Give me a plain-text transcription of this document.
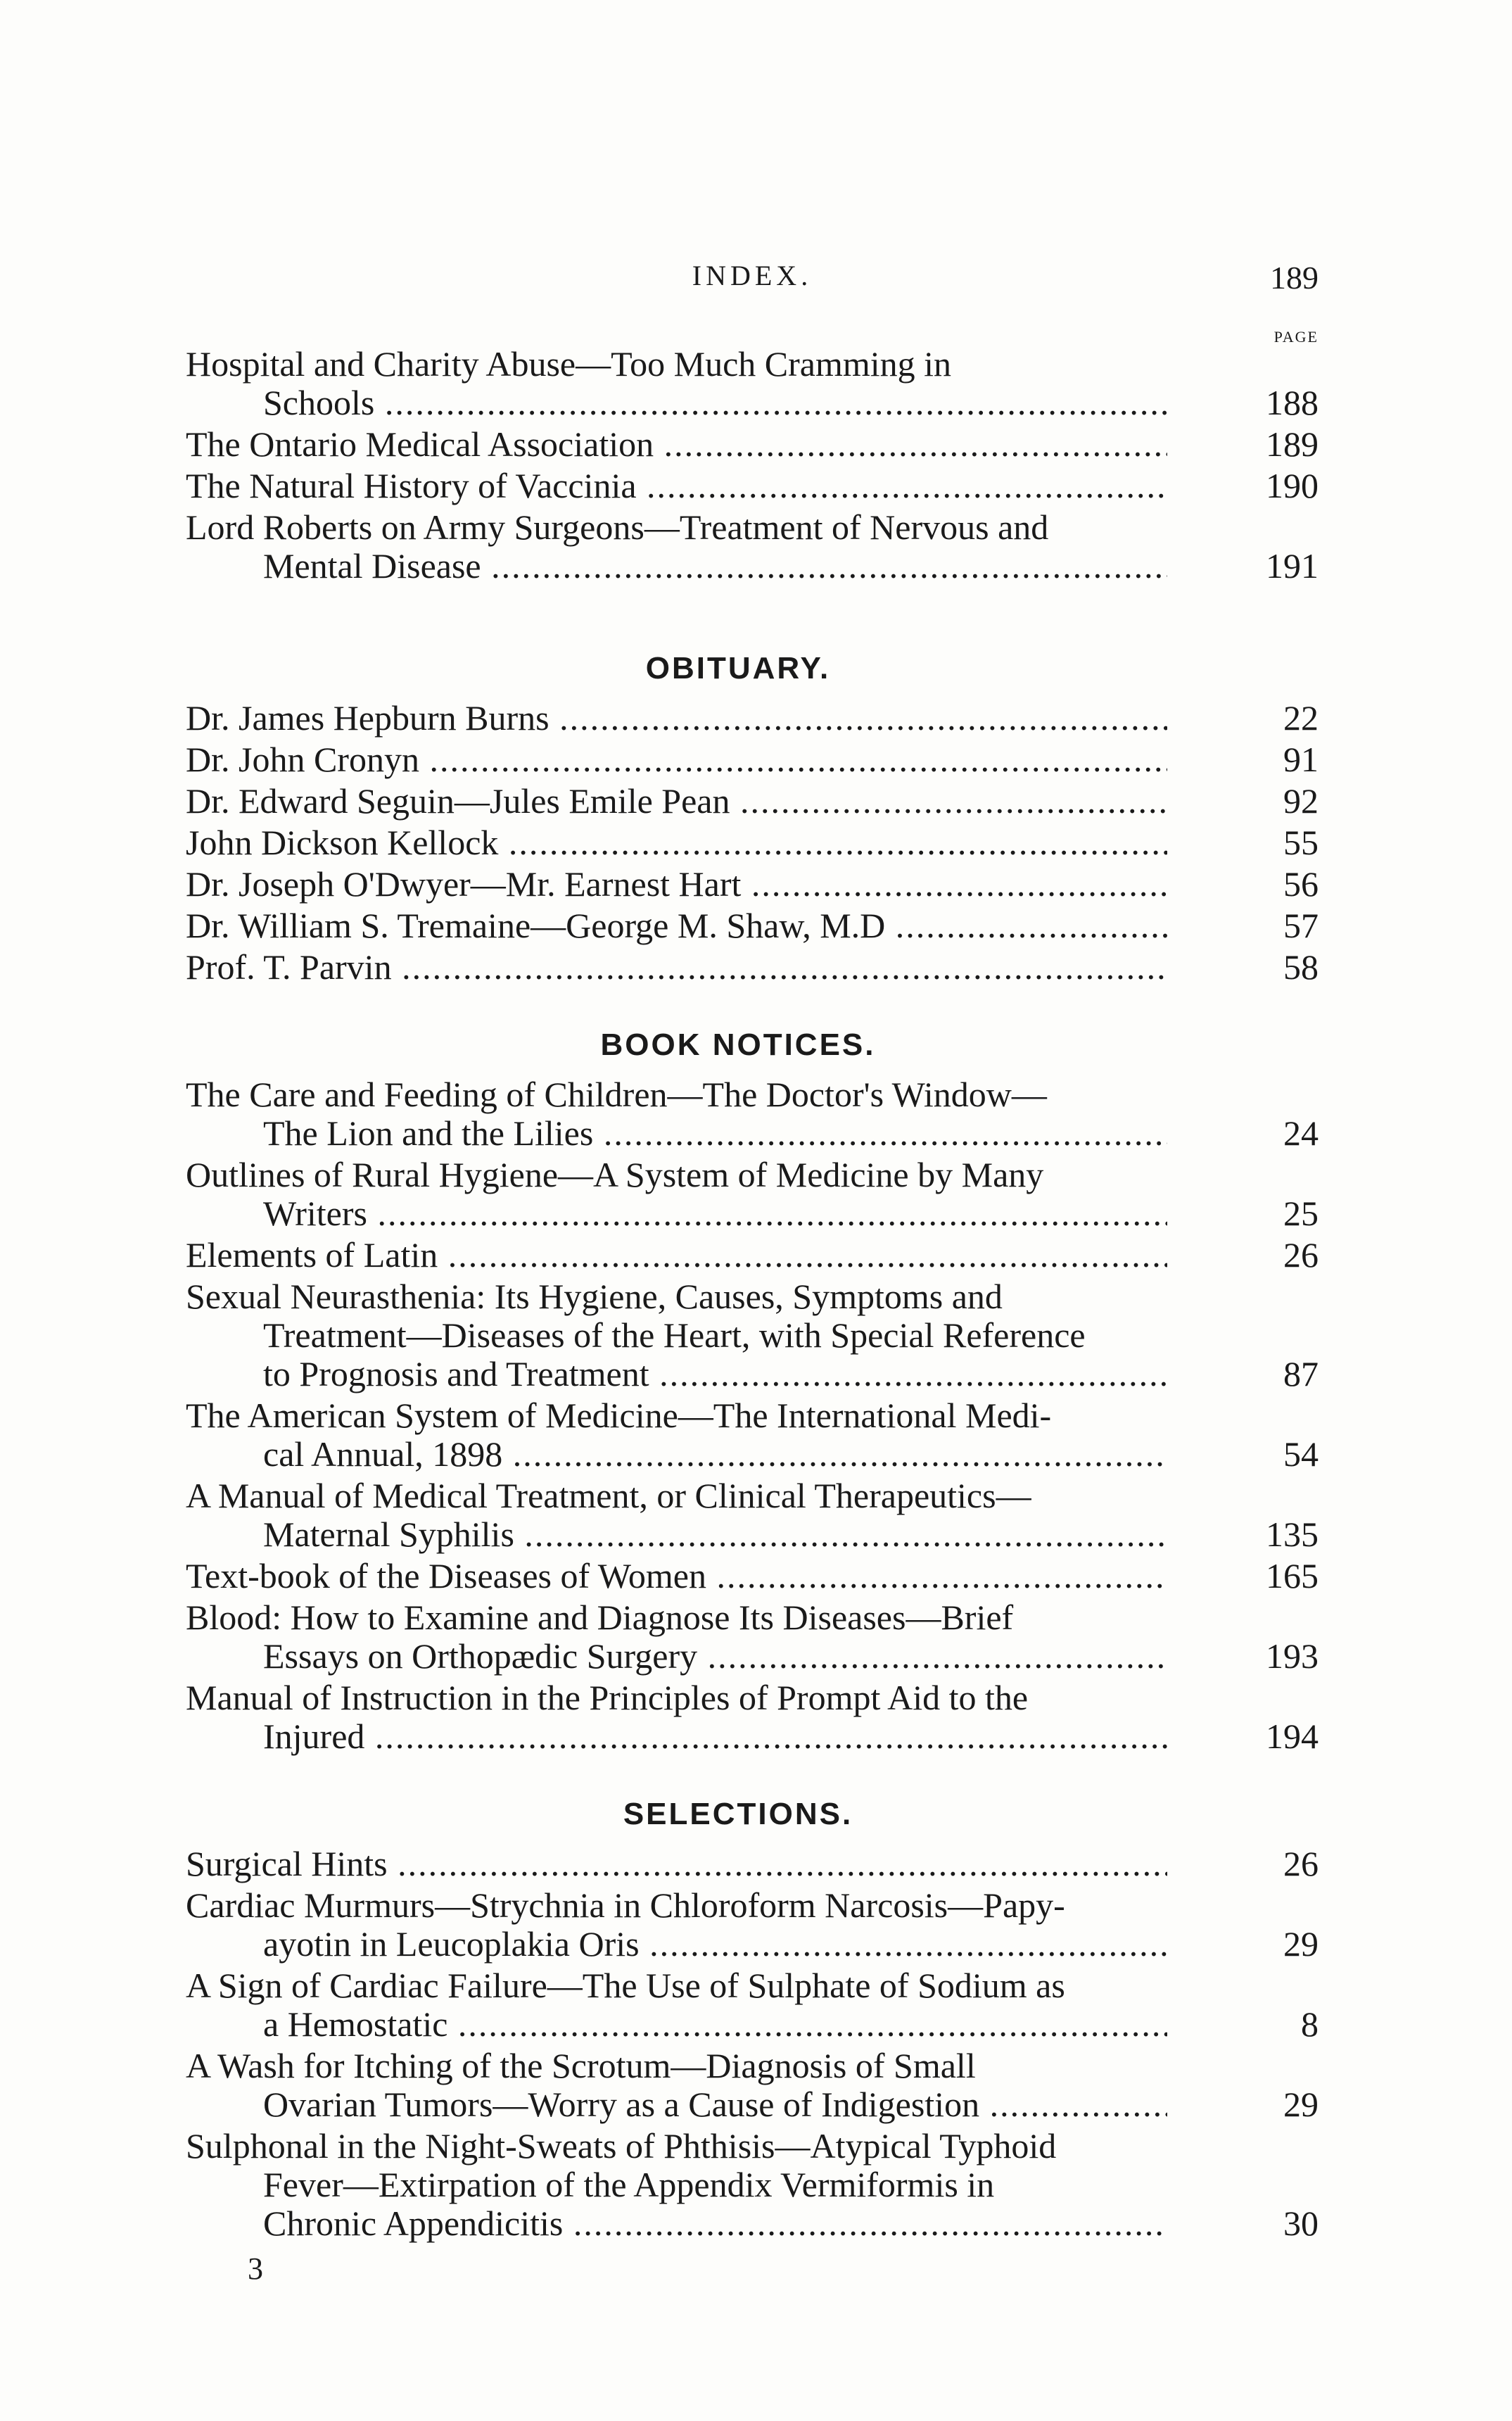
INDEX.	189
PAGE
Hospital and Charity Abuse—Too Much Cramming in
Schools .....	188
The Ontario Medical Association .....	189
The Natural History of Vaccinia .....	190
Lord Roberts on Army Surgeons—Treatment of Nervous and
Mental Disease .....	191
OBITUARY.
Dr. James Hepburn Burns .....	22
Dr. John Cronyn .....	91
Dr. Edward Seguin—Jules Emile Pean .....	92
John Dickson Kellock .....	55
Dr. Joseph O'Dwyer—Mr. Earnest Hart .....	56
Dr. William S. Tremaine—George M. Shaw, M.D .....	57
Prof. T. Parvin .....	58
BOOK NOTICES.
The Care and Feeding of Children—The Doctor's Window—
The Lion and the Lilies .....	24
Outlines of Rural Hygiene—A System of Medicine by Many
Writers .....	25
Elements of Latin .....	26
Sexual Neurasthenia: Its Hygiene, Causes, Symptoms and
Treatment—Diseases of the Heart, with Special Reference
to Prognosis and Treatment .....	87
The American System of Medicine—The International Medi-
cal Annual, 1898 .....	54
A Manual of Medical Treatment, or Clinical Therapeutics—
Maternal Syphilis .....	135
Text-book of the Diseases of Women .....	165
Blood: How to Examine and Diagnose Its Diseases—Brief
Essays on Orthopædic Surgery .....	193
Manual of Instruction in the Principles of Prompt Aid to the
Injured .....	194
SELECTIONS.
Surgical Hints .....	26
Cardiac Murmurs—Strychnia in Chloroform Narcosis—Papy-
ayotin in Leucoplakia Oris .....	29
A Sign of Cardiac Failure—The Use of Sulphate of Sodium as
a Hemostatic .....	8
A Wash for Itching of the Scrotum—Diagnosis of Small
Ovarian Tumors—Worry as a Cause of Indigestion .....	29
Sulphonal in the Night-Sweats of Phthisis—Atypical Typhoid
Fever—Extirpation of the Appendix Vermiformis in
Chronic Appendicitis .....	30
3
